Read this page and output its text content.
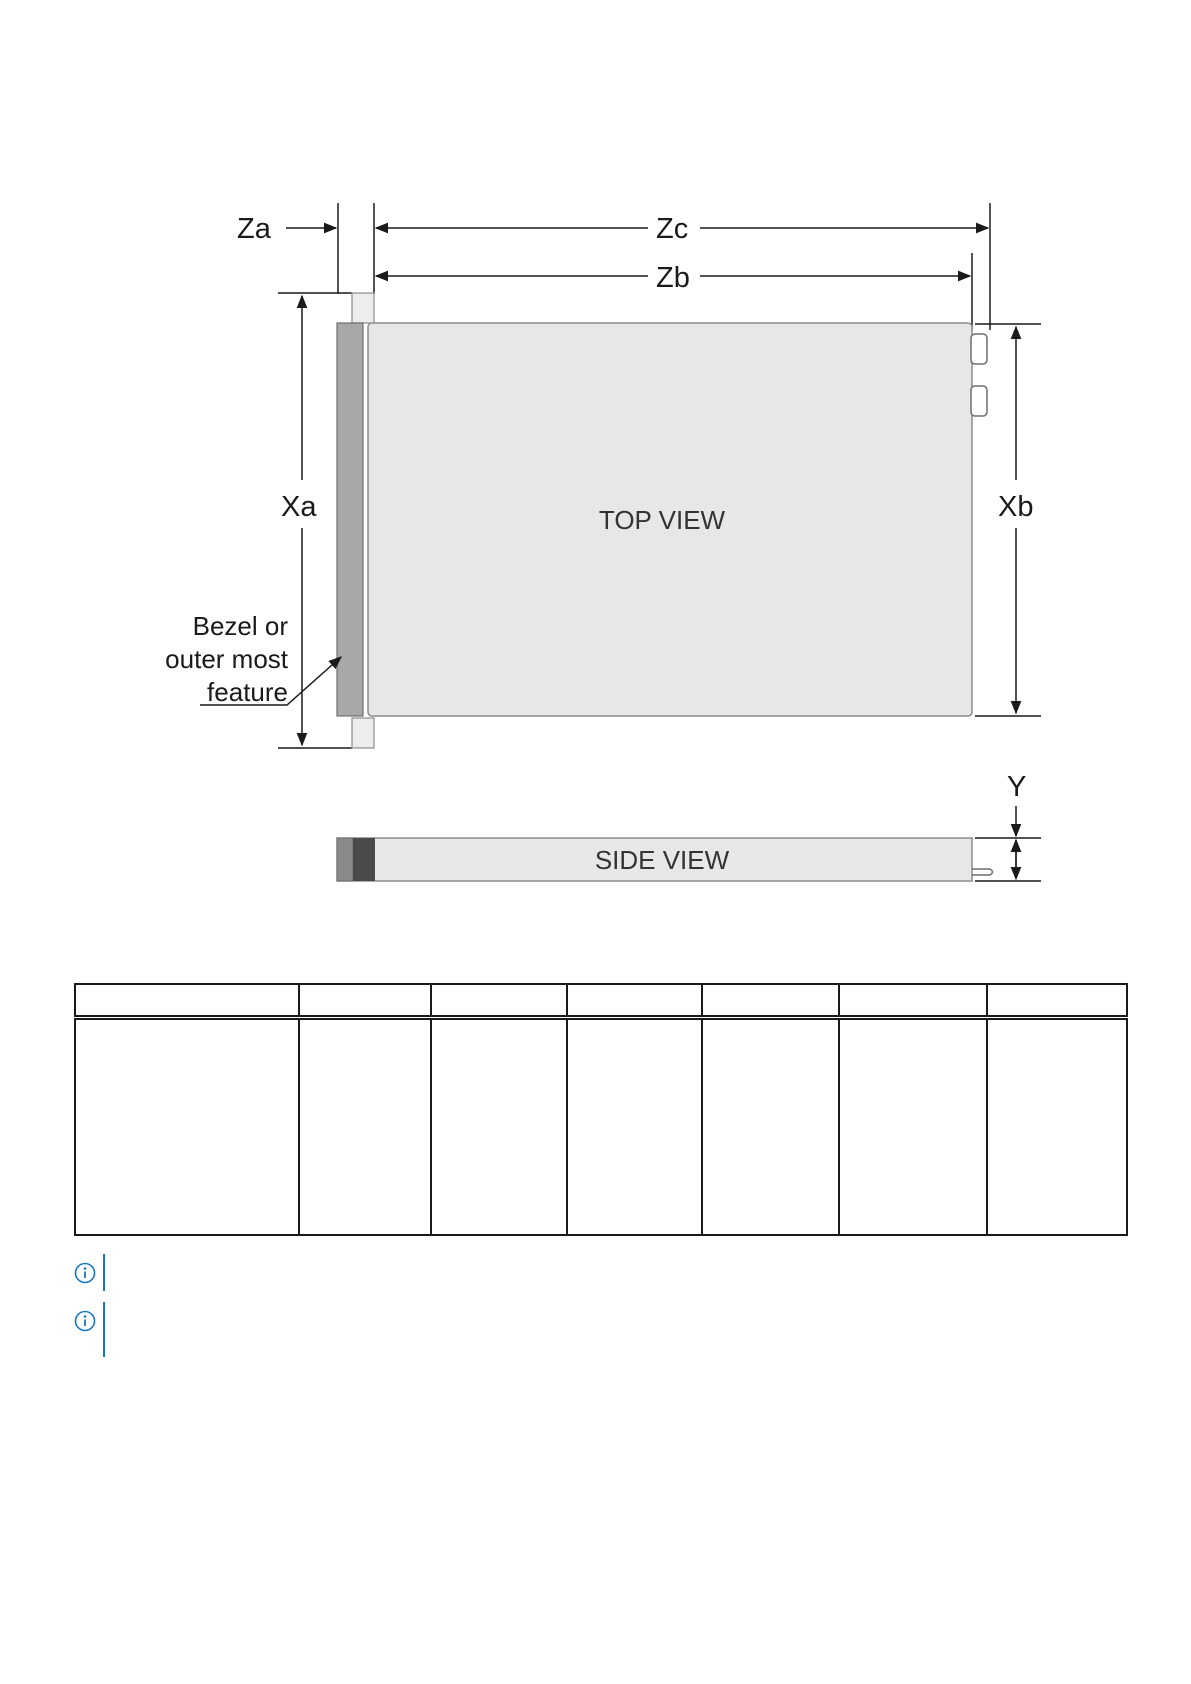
Za	Zc
Zb
Xa	Xb
TOP VIEW
Bezel or
outer most
feature
Y
SIDE VIEW
